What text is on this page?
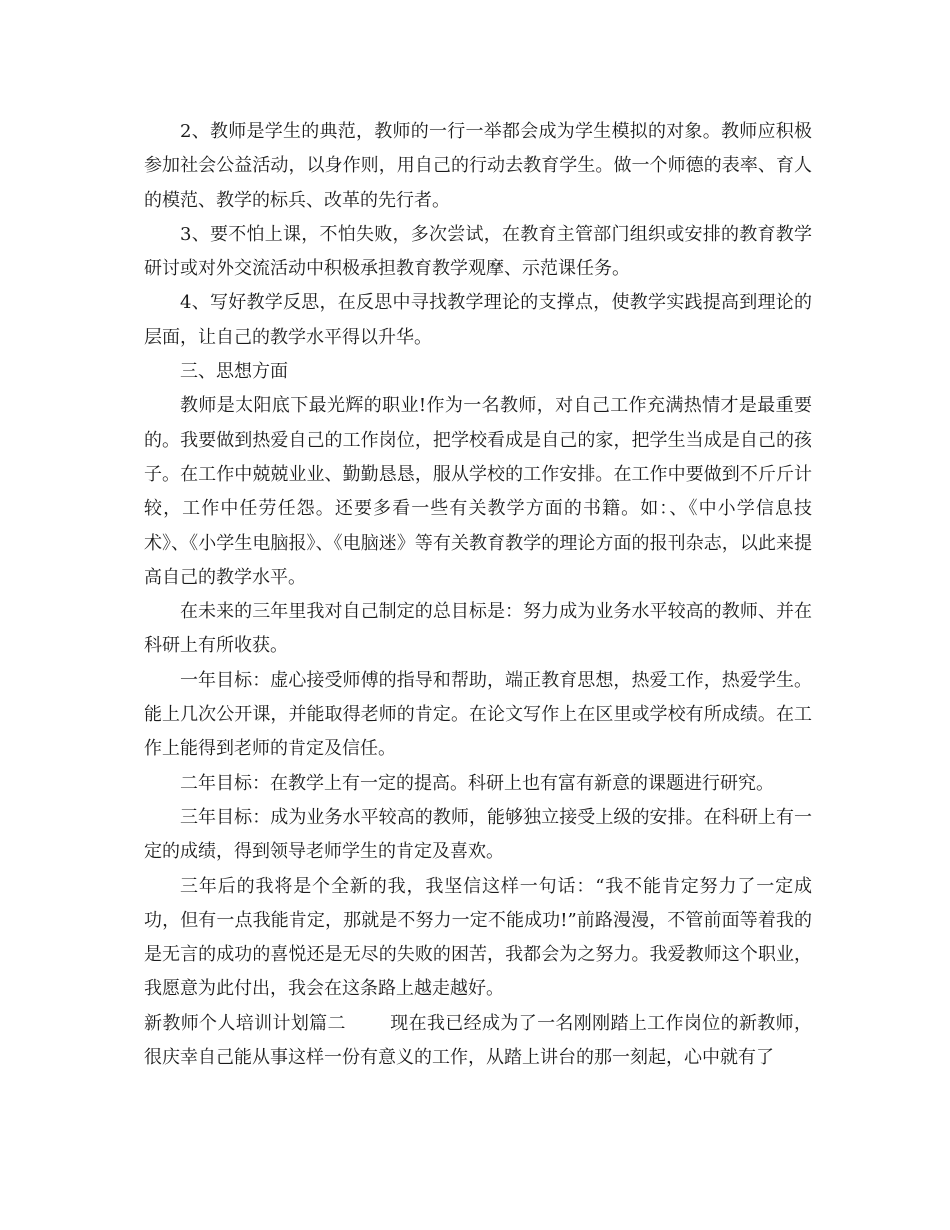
2、教师是学生的典范，教师的一行一举都会成为学生模拟的对象。教师应积极参加社会公益活动，以身作则，用自己的行动去教育学生。做一个师德的表率、育人的模范、教学的标兵、改革的先行者。

3、要不怕上课，不怕失败，多次尝试，在教育主管部门组织或安排的教育教学研讨或对外交流活动中积极承担教育教学观摩、示范课任务。

4、写好教学反思，在反思中寻找教学理论的支撑点，使教学实践提高到理论的层面，让自己的教学水平得以升华。

三、思想方面

教师是太阳底下最光辉的职业!作为一名教师，对自己工作充满热情才是最重要的。我要做到热爱自己的工作岗位，把学校看成是自己的家，把学生当成是自己的孩子。在工作中兢兢业业、勤勤恳恳，服从学校的工作安排。在工作中要做到不斤斤计较，工作中任劳任怨。还要多看一些有关教学方面的书籍。如：、《中小学信息技术》、《小学生电脑报》、《电脑迷》等有关教育教学的理论方面的报刊杂志，以此来提高自己的教学水平。

在未来的三年里我对自己制定的总目标是：努力成为业务水平较高的教师、并在科研上有所收获。

一年目标：虚心接受师傅的指导和帮助，端正教育思想，热爱工作，热爱学生。能上几次公开课，并能取得老师的肯定。在论文写作上在区里或学校有所成绩。在工作上能得到老师的肯定及信任。

二年目标：在教学上有一定的提高。科研上也有富有新意的课题进行研究。

三年目标：成为业务水平较高的教师，能够独立接受上级的安排。在科研上有一定的成绩，得到领导老师学生的肯定及喜欢。

三年后的我将是个全新的我，我坚信这样一句话：“我不能肯定努力了一定成功，但有一点我能肯定，那就是不努力一定不能成功!”前路漫漫，不管前面等着我的是无言的成功的喜悦还是无尽的失败的困苦，我都会为之努力。我爱教师这个职业，我愿意为此付出，我会在这条路上越走越好。

新教师个人培训计划篇二 现在我已经成为了一名刚刚踏上工作岗位的新教师，很庆幸自己能从事这样一份有意义的工作，从踏上讲台的那一刻起，心中就有了
